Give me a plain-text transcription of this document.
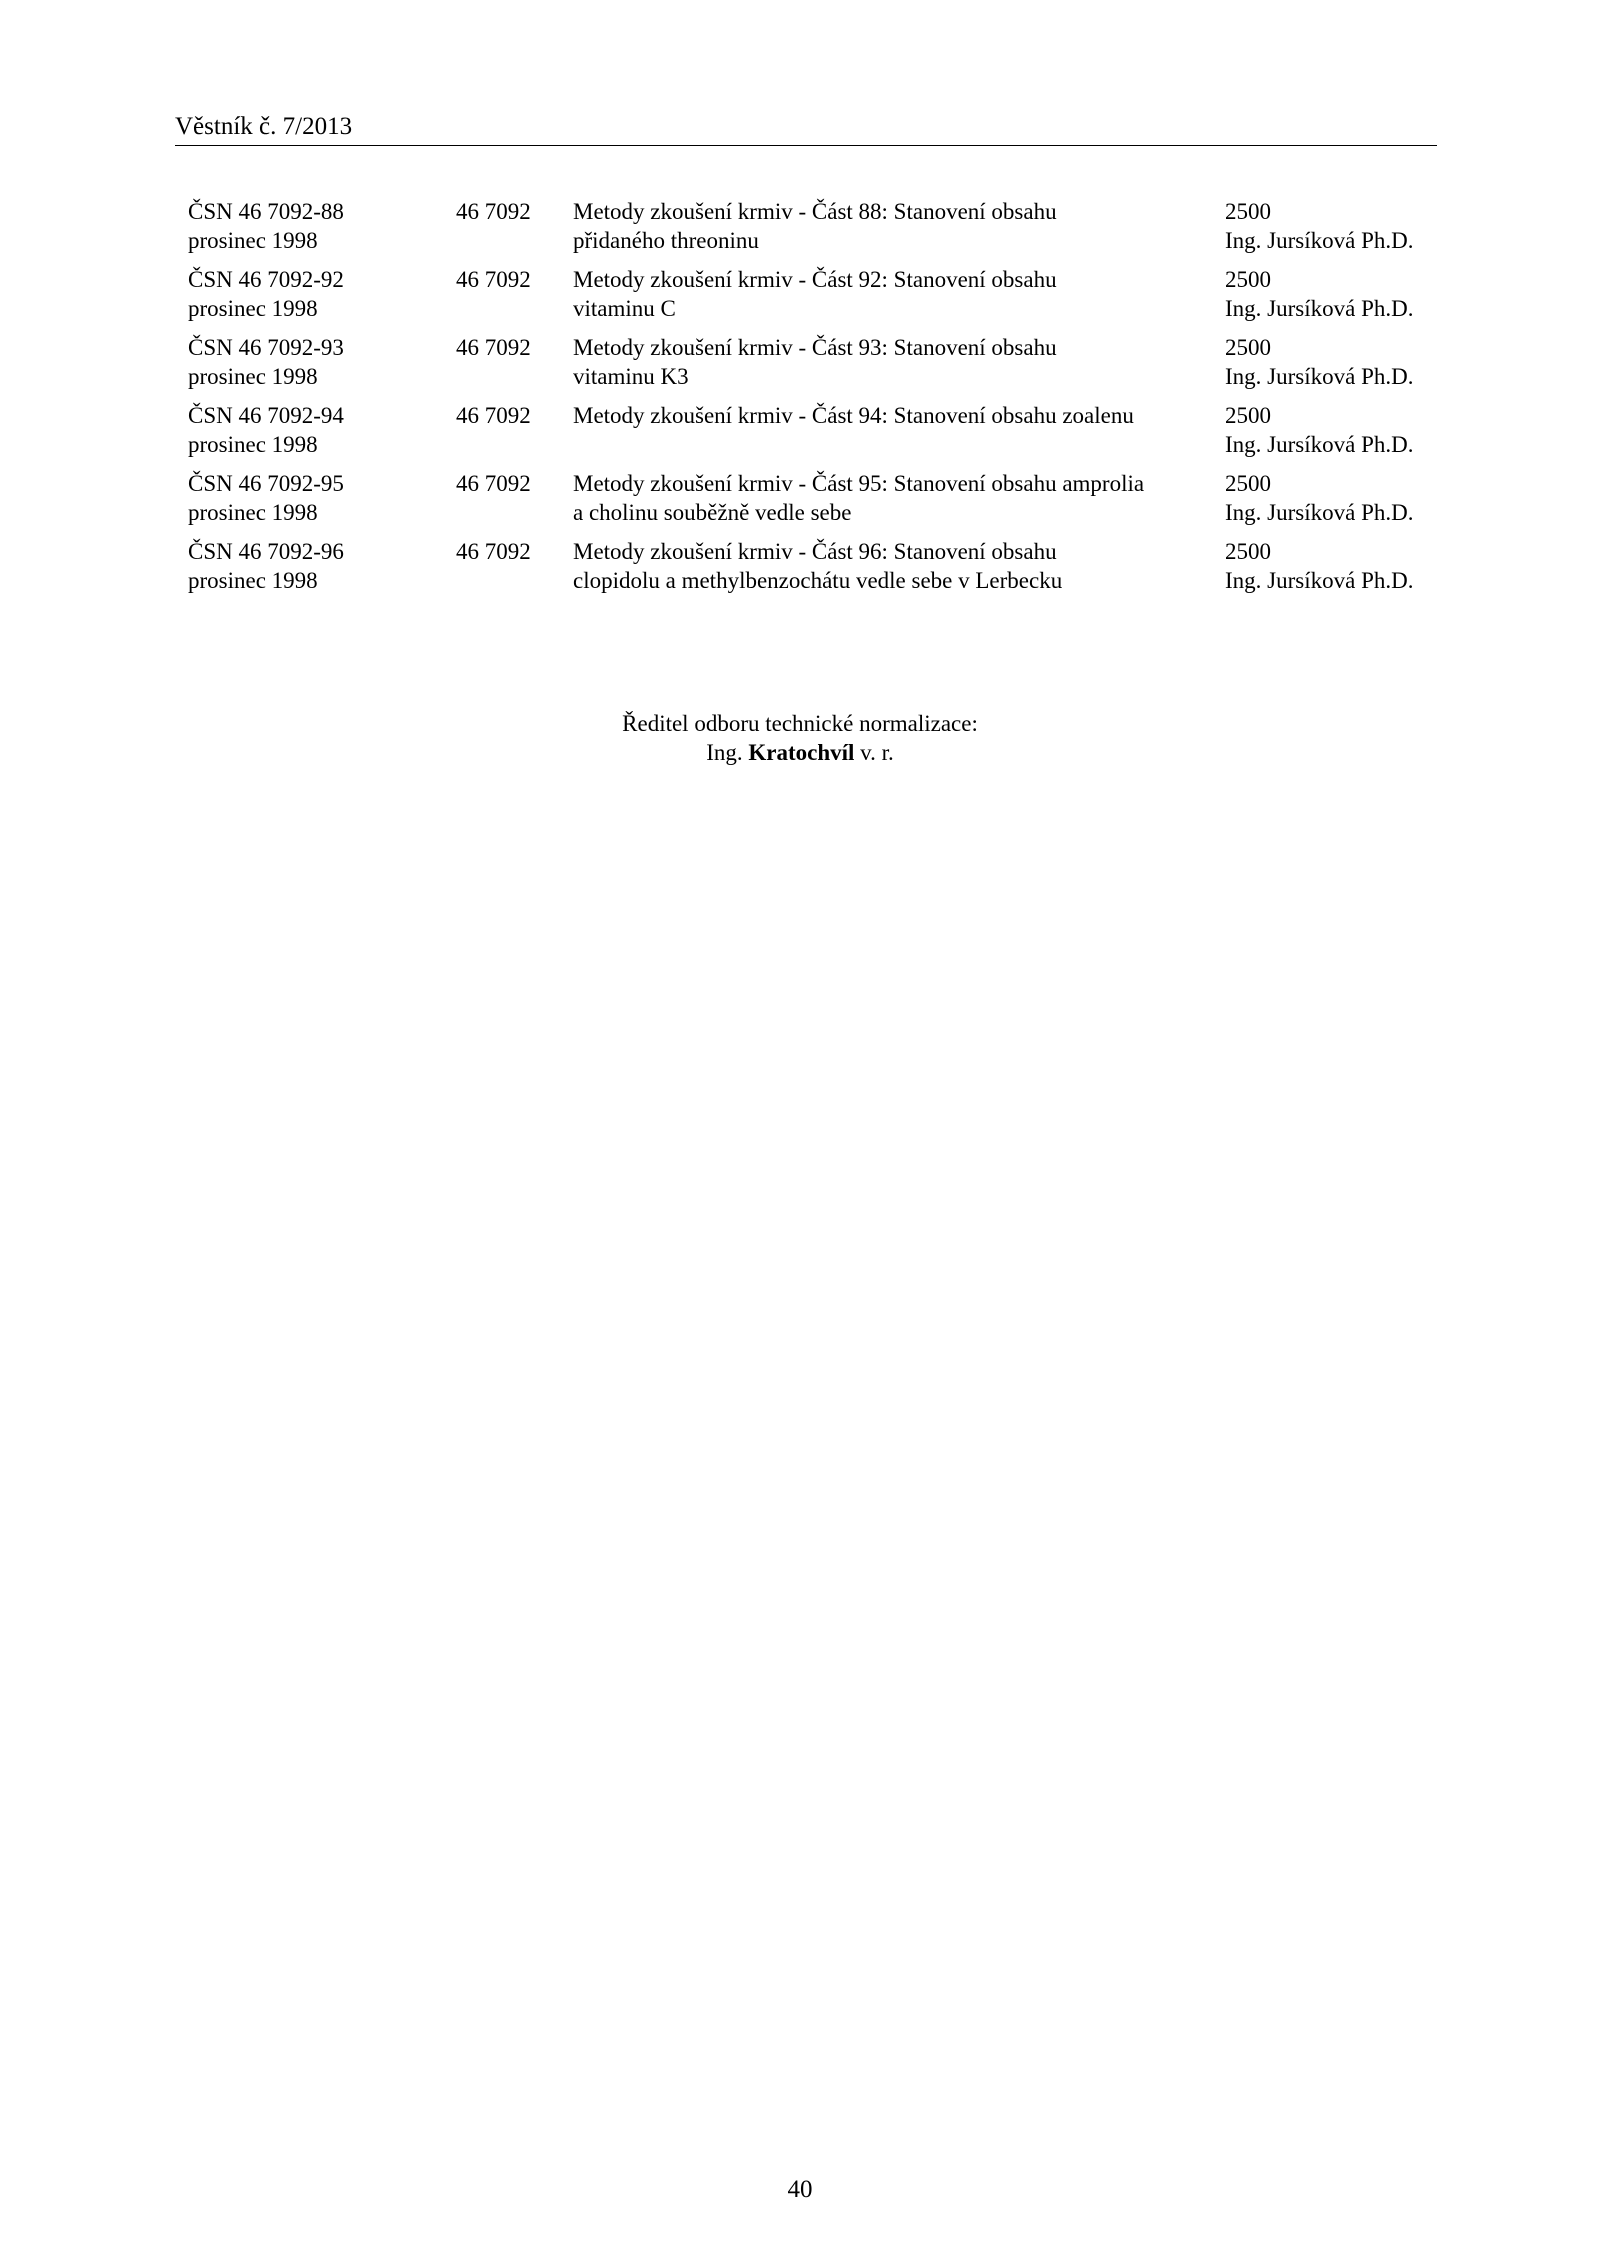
Věstník č. 7/2013
ČSN 46 7092-88
prosinec 1998
46 7092 Metody zkoušení krmiv - Část 88: Stanovení obsahu
přidaného threoninu
2500
Ing. Jursíková Ph.D.
ČSN 46 7092-92
prosinec 1998
46 7092 Metody zkoušení krmiv - Část 92: Stanovení obsahu
vitaminu C
2500
Ing. Jursíková Ph.D.
ČSN 46 7092-93
prosinec 1998
46 7092 Metody zkoušení krmiv - Část 93: Stanovení obsahu
vitaminu K3
2500
Ing. Jursíková Ph.D.
ČSN 46 7092-94
prosinec 1998
46 7092 Metody zkoušení krmiv - Část 94: Stanovení obsahu zoalenu	2500
Ing. Jursíková Ph.D.
ČSN 46 7092-95
prosinec 1998
46 7092 Metody zkoušení krmiv - Část 95: Stanovení obsahu amprolia
a cholinu souběžně vedle sebe
2500
Ing. Jursíková Ph.D.
ČSN 46 7092-96
prosinec 1998
46 7092 Metody zkoušení krmiv - Část 96: Stanovení obsahu
clopidolu a methylbenzochátu vedle sebe v Lerbecku
2500
Ing. Jursíková Ph.D.
Ředitel odboru technické normalizace:
Ing. Kratochvíl v. r.
40
